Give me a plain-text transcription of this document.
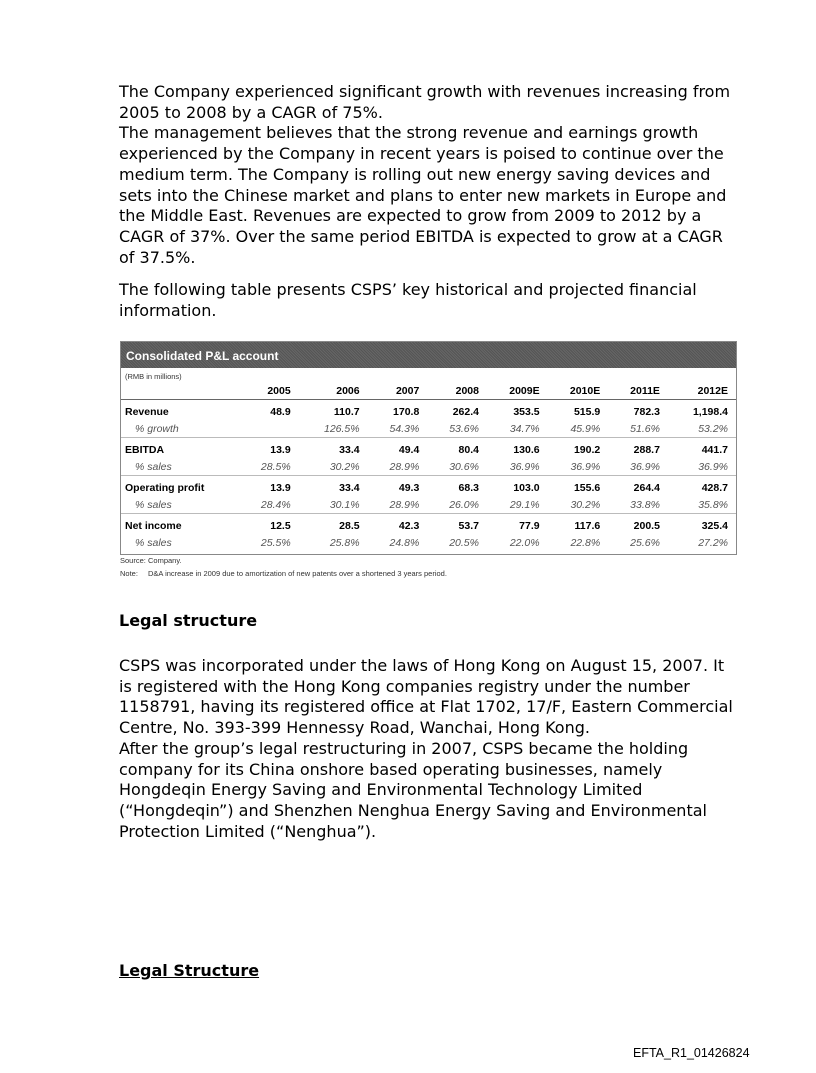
The Company experienced significant growth with revenues increasing from
2005 to 2008 by a CAGR of 75%.
The management believes that the strong revenue and earnings growth
experienced by the Company in recent years is poised to continue over the
medium term. The Company is rolling out new energy saving devices and
sets into the Chinese market and plans to enter new markets in Europe and
the Middle East. Revenues are expected to grow from 2009 to 2012 by a
CAGR of 37%. Over the same period EBITDA is expected to grow at a CAGR
of 37.5%.
The following table presents CSPS’ key historical and projected financial
information.
Consolidated P&L account
(RMB in millions)
	2005	2006	2007	2008	2009E	2010E	2011E	2012E
Revenue	48.9	110.7	170.8	262.4	353.5	515.9	782.3	1,198.4
% growth		126.5%	54.3%	53.6%	34.7%	45.9%	51.6%	53.2%
EBITDA	13.9	33.4	49.4	80.4	130.6	190.2	288.7	441.7
% sales	28.5%	30.2%	28.9%	30.6%	36.9%	36.9%	36.9%	36.9%
Operating profit	13.9	33.4	49.3	68.3	103.0	155.6	264.4	428.7
% sales	28.4%	30.1%	28.9%	26.0%	29.1%	30.2%	33.8%	35.8%
Net income	12.5	28.5	42.3	53.7	77.9	117.6	200.5	325.4
% sales	25.5%	25.8%	24.8%	20.5%	22.0%	22.8%	25.6%	27.2%
Source: Company.
Note: D&A increase in 2009 due to amortization of new patents over a shortened 3 years period.
Legal structure
CSPS was incorporated under the laws of Hong Kong on August 15, 2007. It
is registered with the Hong Kong companies registry under the number
1158791, having its registered office at Flat 1702, 17/F, Eastern Commercial
Centre, No. 393-399 Hennessy Road, Wanchai, Hong Kong.
After the group’s legal restructuring in 2007, CSPS became the holding
company for its China onshore based operating businesses, namely
Hongdeqin Energy Saving and Environmental Technology Limited
(“Hongdeqin”) and Shenzhen Nenghua Energy Saving and Environmental
Protection Limited (“Nenghua”).
Legal Structure
EFTA_R1_01426824
